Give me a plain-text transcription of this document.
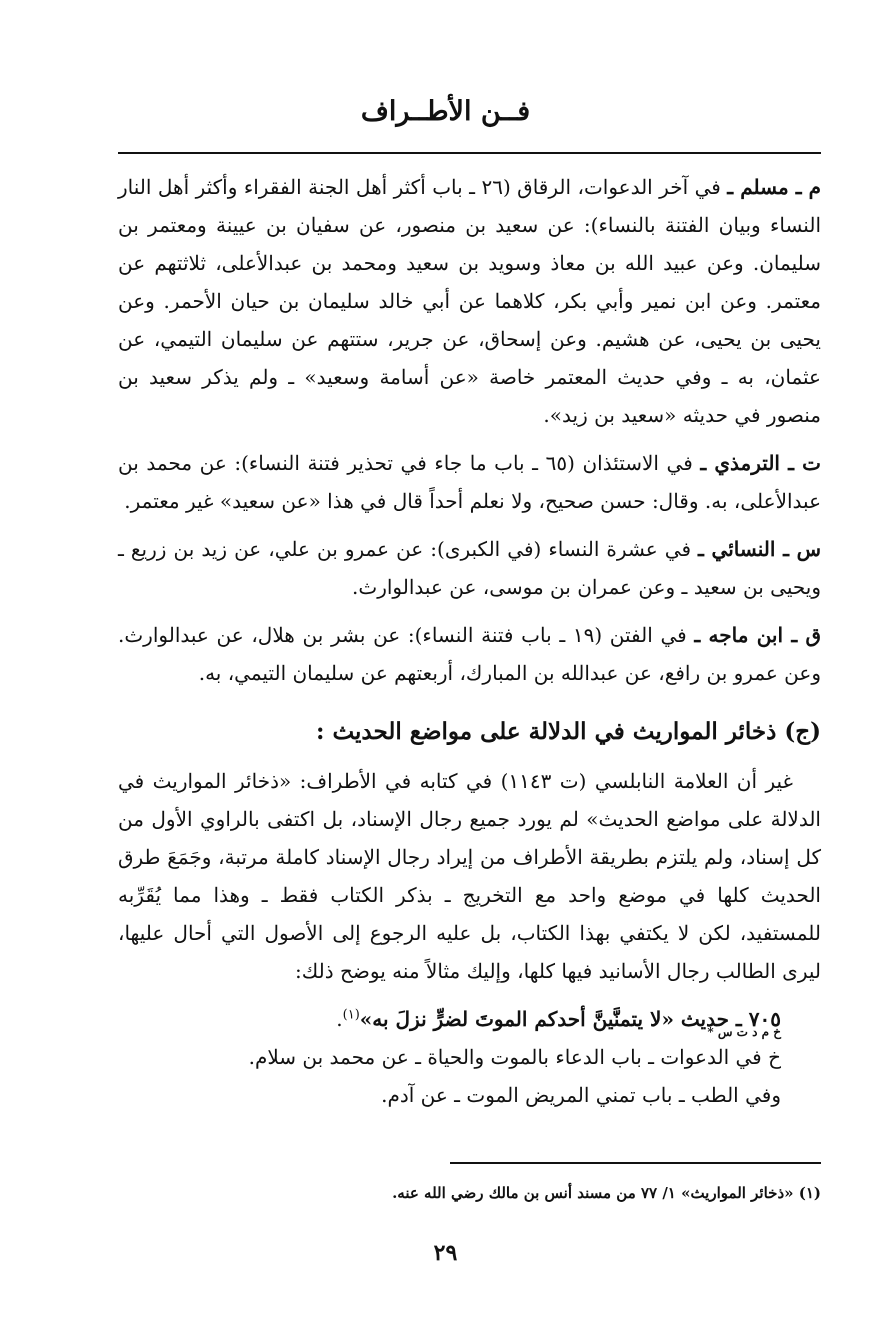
فــن الأطــراف

م ـ مسلم ـ في آخر الدعوات، الرقاق (٢٦ ـ باب أكثر أهل الجنة الفقراء وأكثر أهل النار النساء وبيان الفتنة بالنساء): عن سعيد بن منصور، عن سفيان بن عيينة ومعتمر بن سليمان. وعن عبيد الله بن معاذ وسويد بن سعيد ومحمد بن عبدالأعلى، ثلاثتهم عن معتمر. وعن ابن نمير وأبي بكر، كلاهما عن أبي خالد سليمان بن حيان الأحمر. وعن يحيى بن يحيى، عن هشيم. وعن إسحاق، عن جرير، ستتهم عن سليمان التيمي، عن عثمان، به ـ وفي حديث المعتمر خاصة «عن أسامة وسعيد» ـ ولم يذكر سعيد بن منصور في حديثه «سعيد بن زيد».

ت ـ الترمذي ـ في الاستئذان (٦٥ ـ باب ما جاء في تحذير فتنة النساء): عن محمد بن عبدالأعلى، به. وقال: حسن صحيح، ولا نعلم أحداً قال في هذا «عن سعيد» غير معتمر.

س ـ النسائي ـ في عشرة النساء (في الكبرى): عن عمرو بن علي، عن زيد بن زريع ـ ويحيى بن سعيد ـ وعن عمران بن موسى، عن عبدالوارث.

ق ـ ابن ماجه ـ في الفتن (١٩ ـ باب فتنة النساء): عن بشر بن هلال، عن عبدالوارث. وعن عمرو بن رافع، عن عبدالله بن المبارك، أربعتهم عن سليمان التيمي، به.

(ج) ذخائر المواريث في الدلالة على مواضع الحديث :

غير أن العلامة النابلسي (ت ١١٤٣) في كتابه في الأطراف: «ذخائر المواريث في الدلالة على مواضع الحديث» لم يورد جميع رجال الإسناد، بل اكتفى بالراوي الأول من كل إسناد، ولم يلتزم بطريقة الأطراف من إيراد رجال الإسناد كاملة مرتبة، وجَمَعَ طرق الحديث كلها في موضع واحد مع التخريج ـ بذكر الكتاب فقط ـ وهذا مما يُقَرِّبه للمستفيد، لكن لا يكتفي بهذا الكتاب، بل عليه الرجوع إلى الأصول التي أحال عليها، ليرى الطالب رجال الأسانيد فيها كلها، وإليك مثالاً منه يوضح ذلك:

٧٠٥ ـ حديث «لا يتمنَّينَّ أحدكم الموتَ لضرٍّ نزلَ به»$^{(١)}$.

خ م د ت س *

خ في الدعوات ـ باب الدعاء بالموت والحياة ـ عن محمد بن سلام.

وفي الطب ـ باب تمني المريض الموت ـ عن آدم.

(١) «ذخائر المواريث» ١/ ٧٧ من مسند أنس بن مالك رضي الله عنه.
٢٩
